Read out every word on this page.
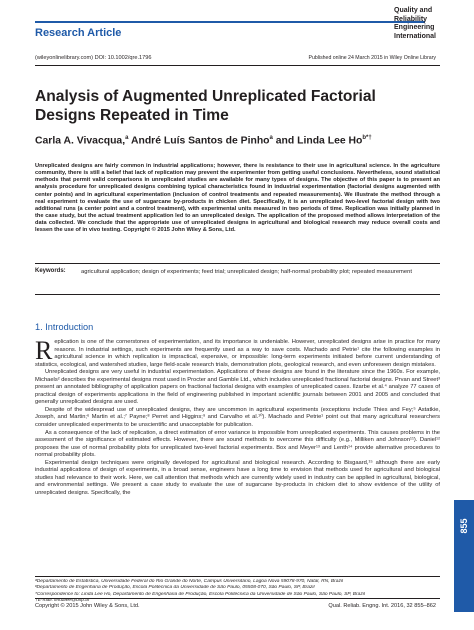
Research Article
Quality and Reliability Engineering International
(wileyonlinelibrary.com) DOI: 10.1002/qre.1796	Published online 24 March 2015 in Wiley Online Library
Analysis of Augmented Unreplicated Factorial Designs Repeated in Time
Carla A. Vivacqua,$^a$ André Luís Santos de Pinho$^a$ and Linda Lee $Ho^{b*\dagger}$
Unreplicated designs are fairly common in industrial applications; however, there is resistance to their use in agricultural science. In the agriculture community, there is still a belief that lack of replication may prevent the experimenter from getting useful conclusions. Nevertheless, sound statistical methods that permit valid comparisons in unreplicated studies are available for many types of designs. The objective of this paper is to present an analysis procedure for unreplicated designs combining typical characteristics found in industrial experimentation (factorial designs augmented with center points) and in agricultural experimentation (inclusion of control treatments and repeated measurements). We illustrate the method through a real experiment to evaluate the use of sugarcane by-products in chicken diet. Specifically, it is an unreplicated two-level factorial design with two additional runs (a center point and a control treatment), with experimental units measured in two periods of time. Replication was initially planned in the case study, but the actual treatment application led to an unreplicated design. The application of the proposed method allows interpretation of the data collected. We conclude that the appropriate use of unreplicated designs in agricultural and biological research may reduce overall costs and lessen the use of in vivo testing. Copyright © 2015 John Wiley & Sons, Ltd.
Keywords:	agricultural application; design of experiments; feed trial; unreplicated design; half-normal probability plot; repeated measurement
1. Introduction

Replication is one of the cornerstones of experimentation, and its importance is undeniable. However, unreplicated designs arise in practice for many reasons. In industrial settings, such experiments are frequently used as a way to save costs. Machado and Petrie¹ cite the following examples in agricultural science in which replication is impractical, expensive, or impossible: long-term experiments initiated before current understanding of statistics, ecological, and watershed studies, large field-scale research trials, demonstration plots, geological research, and even unforeseen design mistakes.

Unreplicated designs are very useful in industrial experimentation. Applications of these designs are found in the literature since the 1960s. For example, Michaels² describes the experimental designs most used in Procter and Gamble Ltd., which includes unreplicated fractional factorial designs. Prvan and Street³ present an annotated bibliography of application papers on fractional factorial designs with examples of unreplicated cases. Ilzarbe et al.⁴ analyze 77 cases of practical design of experiments applications in the field of engineering published in important scientific journals between 2001 and 2005 and concluded that generally unreplicated designs are used.

Despite of the widespread use of unreplicated designs, they are uncommon in agricultural experiments (exceptions include Thies and Fey;⁵ Astatkie, Joseph, and Martin;⁶ Martin et al.;⁷ Payne;⁸ Perret and Higgins;⁹ and Carvalho et al.¹⁰). Machado and Petrie¹ point out that many agricultural researchers consider unreplicated experiments to be unscientific and unacceptable for publication.

As a consequence of the lack of replication, a direct estimation of error variance is impossible from unreplicated experiments. This causes problems in the assessment of the significance of estimated effects. However, there are sound methods to overcome this difficulty (e.g., Milliken and Johnson¹¹). Daniel¹² proposes the use of normal probability plots for unreplicated two-level factorial experiments. Box and Meyer¹³ and Lenth¹⁴ provide alternative procedures to normal probability plots.

Experimental design techniques were originally developed for agricultural and biological research. According to Bisgaard,¹⁵ although there are early industrial applications of design of experiments, in a broad sense, engineers have a long time to envision that methods used for agricultural and biological studies had relevance to their work. Here, we call attention that methods which are currently widely used in industry can be applied in agricultural, biological, and environmental settings. We present a case study to evaluate the use of sugarcane by-products in chicken diet to show evidence of the utility of unreplicated designs. Specifically, the

ᵃDepartamento de Estatística, Universidade Federal do Rio Grande do Norte, Campus Universitário, Lagoa Nova 59078-970, Natal, RN, Brazil
ᵇDepartamento de Engenharia de Produção, Escola Politécnica da Universidade de São Paulo, 05508-070, São Paulo, SP, Brazil
*Correspondence to: Linda Lee Ho, Departamento de Engenharia de Produção, Escola Politécnica da Universidade de São Paulo, São Paulo, SP, Brazil
†E-mail: lindalee@usp.br
Copyright © 2015 John Wiley & Sons, Ltd.	Qual. Reliab. Engng. Int. 2016, 32 855–862
855
